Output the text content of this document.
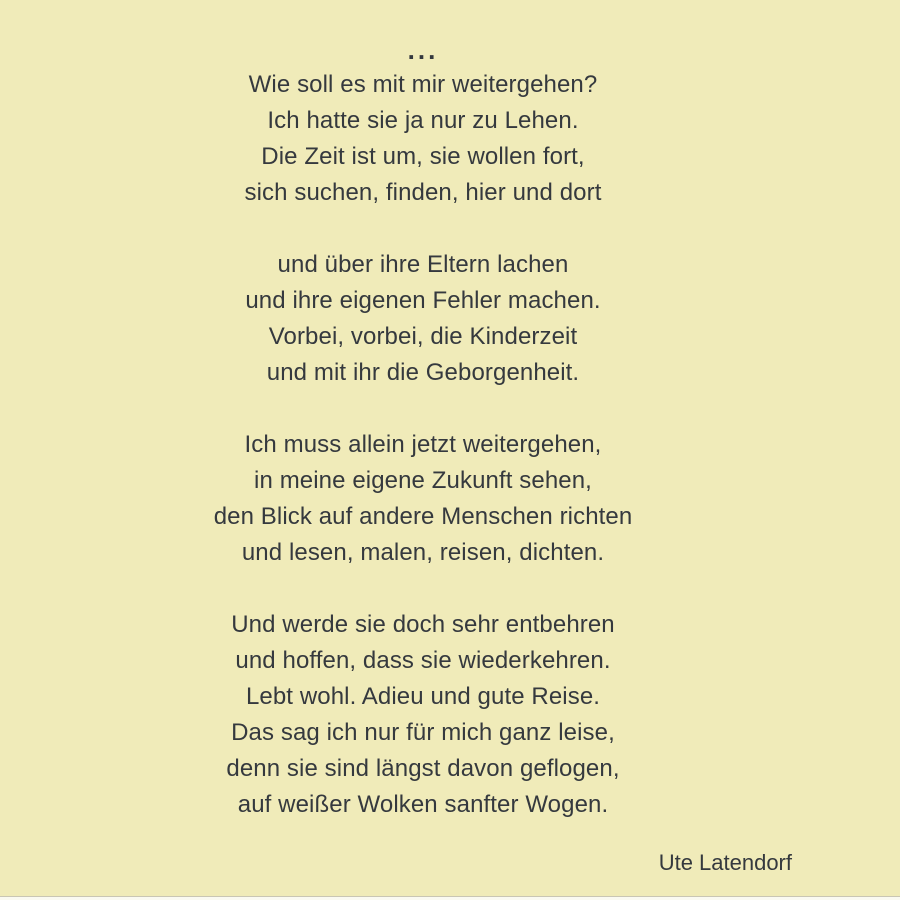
...
Wie soll es mit mir weitergehen?
Ich hatte sie ja nur zu Lehen.
Die Zeit ist um, sie wollen fort,
sich suchen, finden, hier und dort
und über ihre Eltern lachen
und ihre eigenen Fehler machen.
Vorbei, vorbei, die Kinderzeit
und mit ihr die Geborgenheit.
Ich muss allein jetzt weitergehen,
in meine eigene Zukunft sehen,
den Blick auf andere Menschen richten
und lesen, malen, reisen, dichten.
Und werde sie doch sehr entbehren
und hoffen, dass sie wiederkehren.
Lebt wohl. Adieu und gute Reise.
Das sag ich nur für mich ganz leise,
denn sie sind längst davon geflogen,
auf weißer Wolken sanfter Wogen.
Ute Latendorf
